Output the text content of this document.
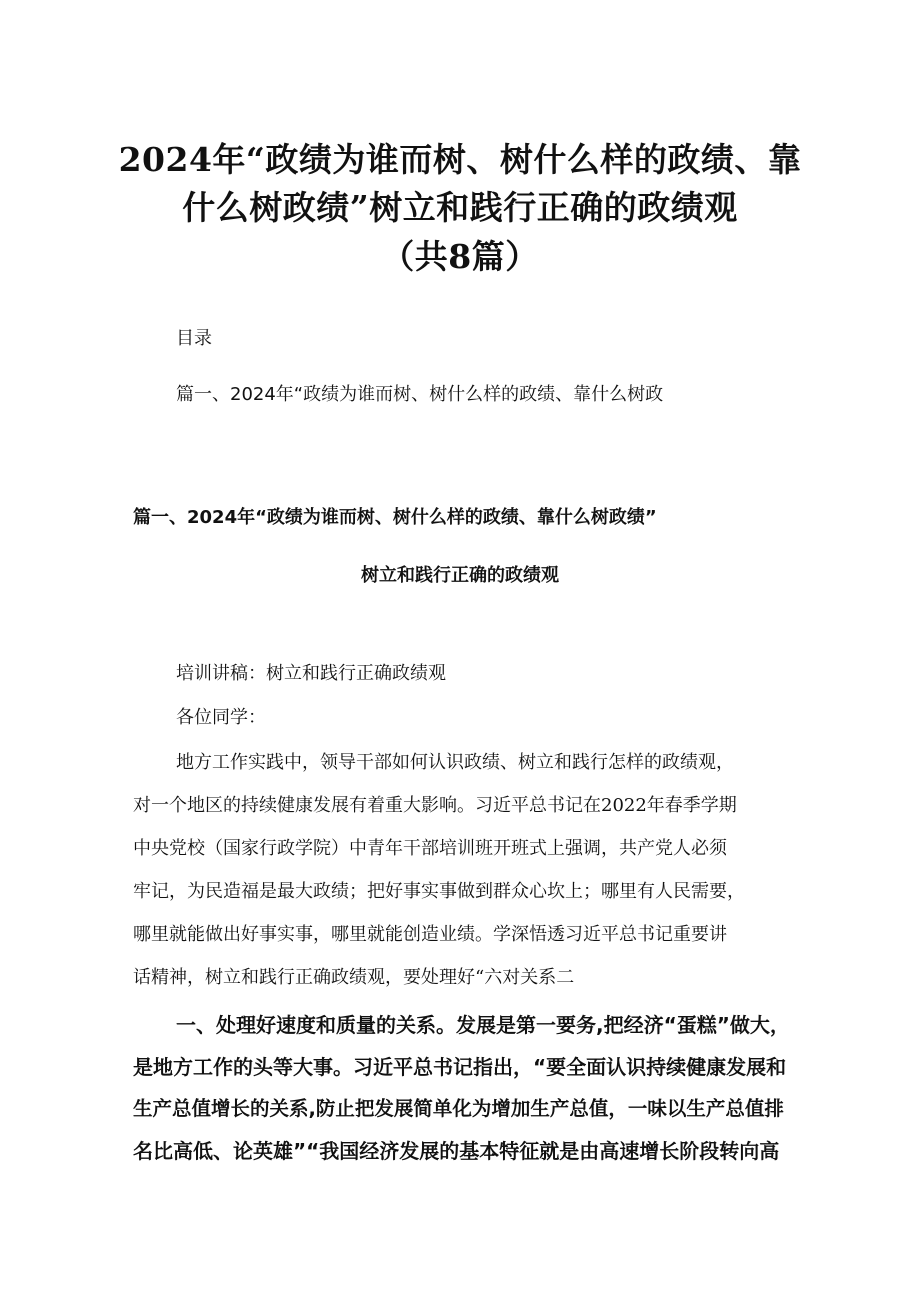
2024年“政绩为谁而树、树什么样的政绩、靠
什么树政绩”树立和践行正确的政绩观
（共8篇）
目录
篇一、2024年“政绩为谁而树、树什么样的政绩、靠什么树政
篇一、2024年“政绩为谁而树、树什么样的政绩、靠什么树政绩”
树立和践行正确的政绩观
培训讲稿：树立和践行正确政绩观
各位同学：
地方工作实践中，领导干部如何认识政绩、树立和践行怎样的政绩观，
对一个地区的持续健康发展有着重大影响。习近平总书记在2022年春季学期
中央党校（国家行政学院）中青年干部培训班开班式上强调，共产党人必须
牢记，为民造福是最大政绩；把好事实事做到群众心坎上；哪里有人民需要，
哪里就能做出好事实事，哪里就能创造业绩。学深悟透习近平总书记重要讲
话精神，树立和践行正确政绩观，要处理好“六对关系二
一、处理好速度和质量的关系。发展是第一要务,把经济“蛋糕”做大，
是地方工作的头等大事。习近平总书记指出，“要全面认识持续健康发展和
生产总值增长的关系,防止把发展简单化为增加生产总值，一味以生产总值排
名比高低、论英雄”“我国经济发展的基本特征就是由高速增长阶段转向高
